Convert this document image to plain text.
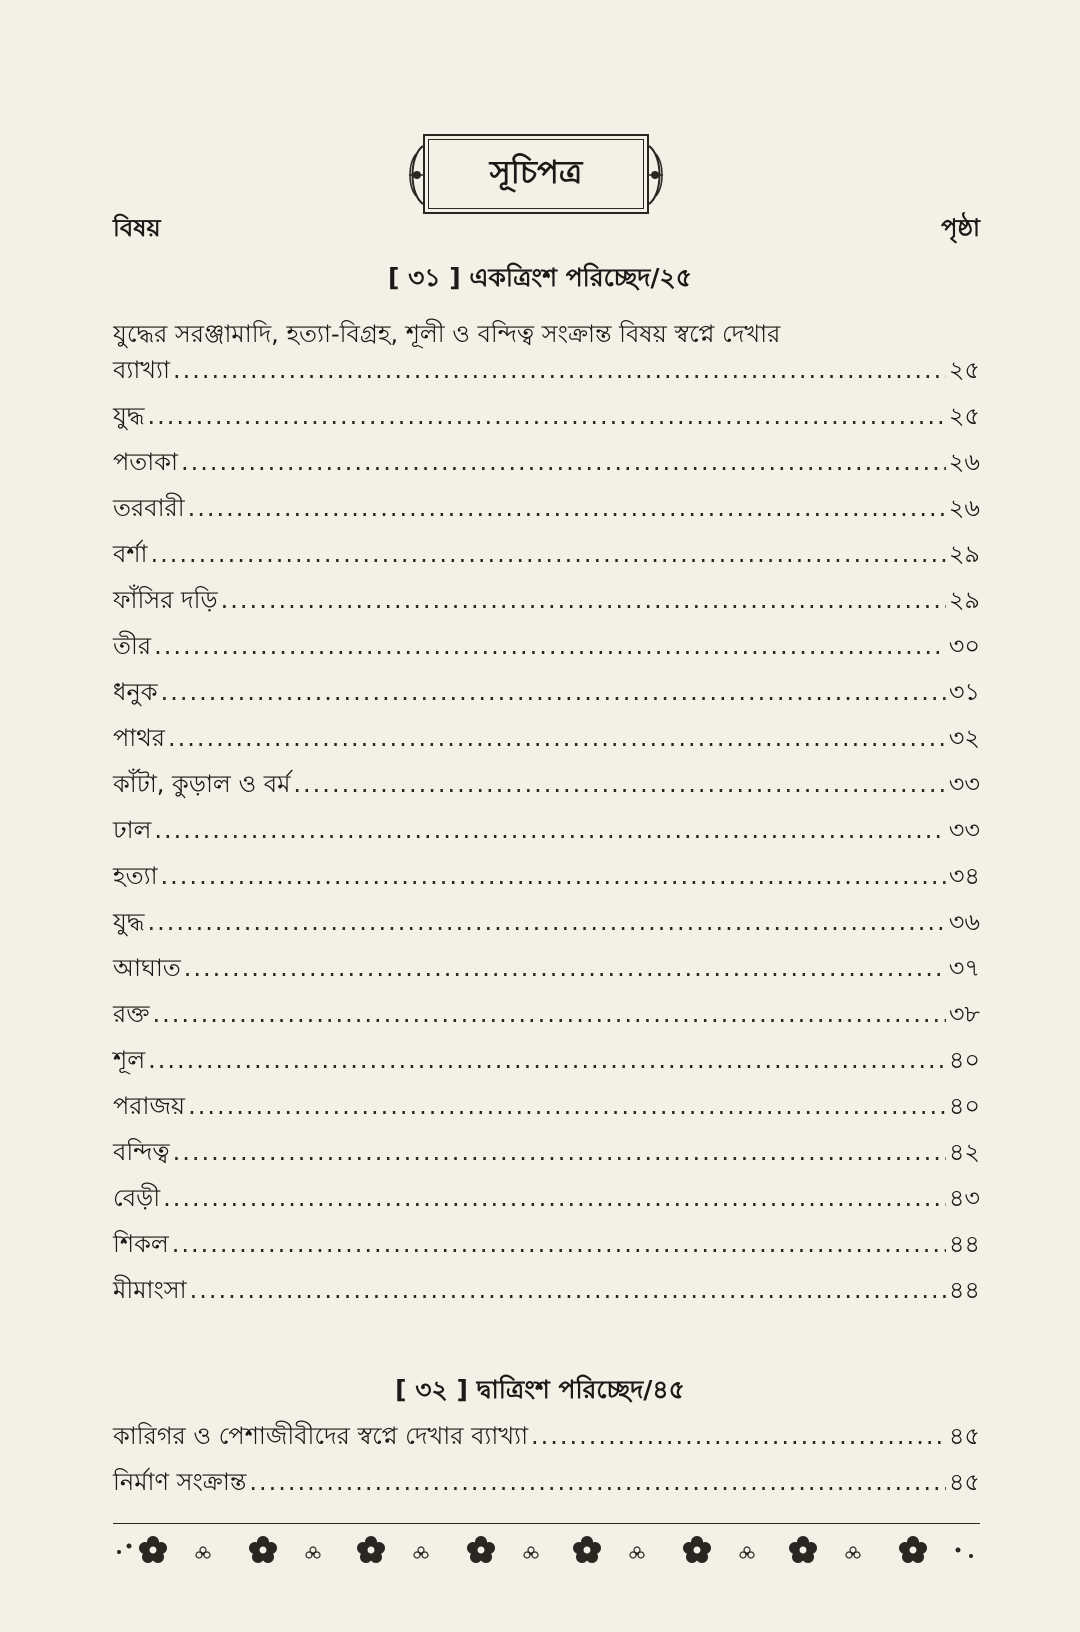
সূচিপত্র
বিষয়	পৃষ্ঠা
[ ৩১ ] একত্রিংশ পরিচ্ছেদ/২৫
যুদ্ধের সরঞ্জামাদি, হত্যা-বিগ্রহ, শূলী ও বন্দিত্ব সংক্রান্ত বিষয় স্বপ্নে দেখার
ব্যাখ্যা .....	২৫
যুদ্ধ .....	২৫
পতাকা .....	২৬
তরবারী .....	২৬
বর্শা .....	২৯
ফাঁসির দড়ি .....	২৯
তীর .....	৩০
ধনুক .....	৩১
পাথর .....	৩২
কাঁটা, কুড়াল ও বর্ম .....	৩৩
ঢাল .....	৩৩
হত্যা .....	৩৪
যুদ্ধ .....	৩৬
আঘাত .....	৩৭
রক্ত .....	৩৮
শূল .....	৪০
পরাজয় .....	৪০
বন্দিত্ব .....	৪২
বেড়ী .....	৪৩
শিকল .....	৪৪
মীমাংসা .....	৪৪
[ ৩২ ] দ্বাত্রিংশ পরিচ্ছেদ/৪৫
কারিগর ও পেশাজীবীদের স্বপ্নে দেখার ব্যাখ্যা .....	৪৫
নির্মাণ সংক্রান্ত .....	৪৫
